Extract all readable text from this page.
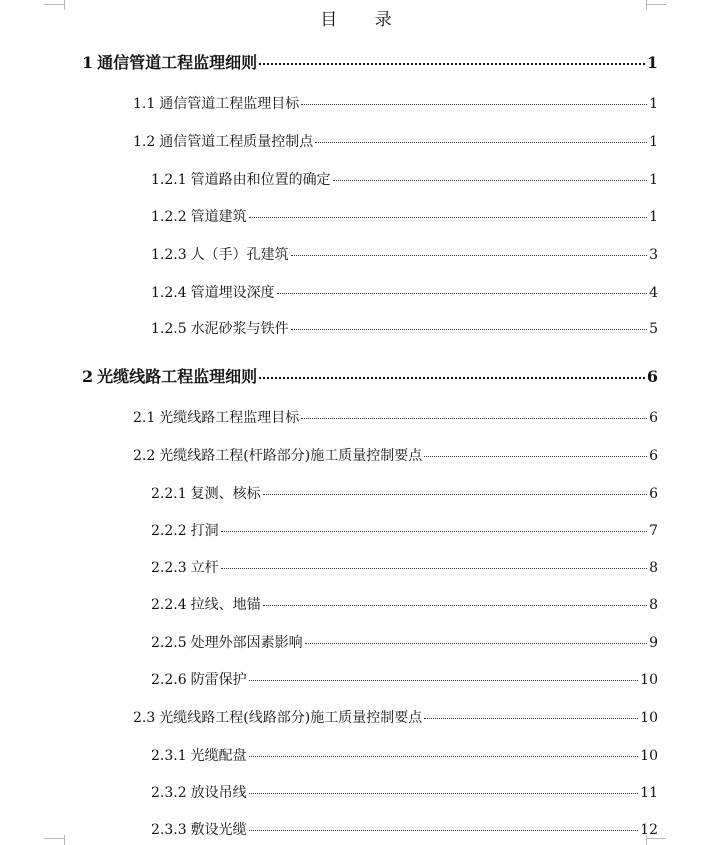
目 录
1 通信管道工程监理细则	1
1.1 通信管道工程监理目标	1
1.2 通信管道工程质量控制点	1
1.2.1 管道路由和位置的确定	1
1.2.2 管道建筑	1
1.2.3 人（手）孔建筑	3
1.2.4 管道埋设深度	4
1.2.5 水泥砂浆与铁件	5
2 光缆线路工程监理细则	6
2.1 光缆线路工程监理目标	6
2.2 光缆线路工程(杆路部分)施工质量控制要点	6
2.2.1 复测、核标	6
2.2.2 打洞	7
2.2.3 立杆	8
2.2.4 拉线、地锚	8
2.2.5 处理外部因素影响	9
2.2.6 防雷保护	10
2.3 光缆线路工程(线路部分)施工质量控制要点	10
2.3.1 光缆配盘	10
2.3.2 放设吊线	11
2.3.3 敷设光缆	12
